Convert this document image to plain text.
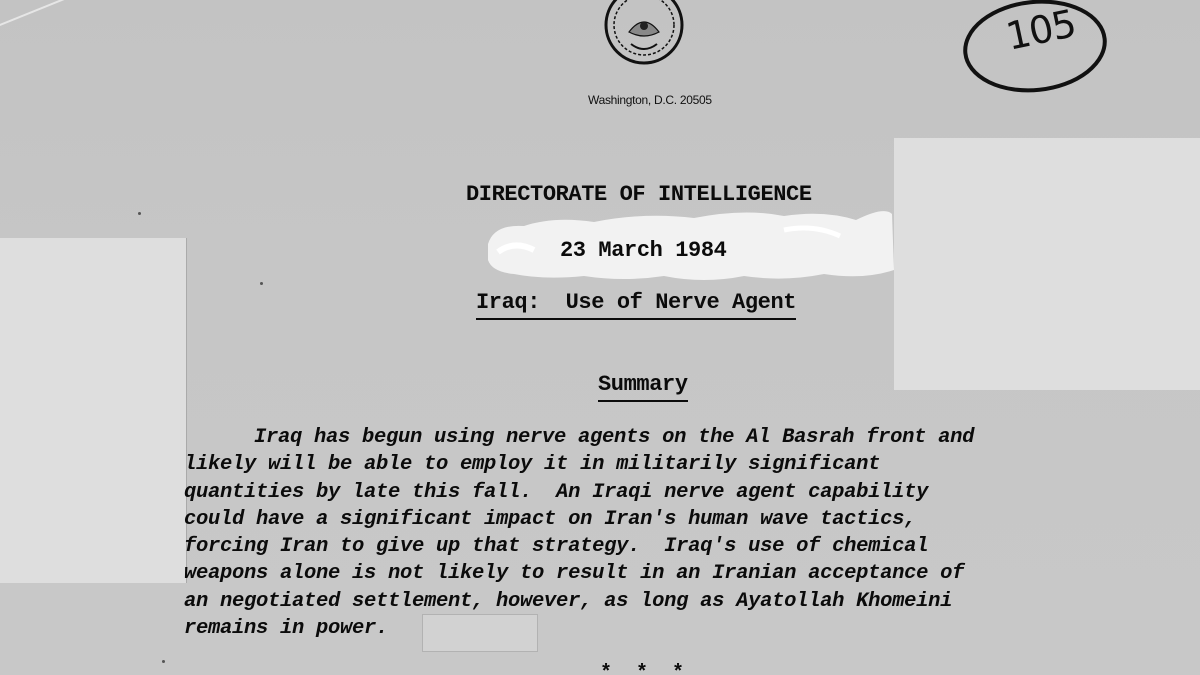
Washington, D.C. 20505
105
DIRECTORATE OF INTELLIGENCE
23 March 1984
Iraq:  Use of Nerve Agent
Summary

Iraq has begun using nerve agents on the Al Basrah front and
likely will be able to employ it in militarily significant
quantities by late this fall.  An Iraqi nerve agent capability
could have a significant impact on Iran's human wave tactics,
forcing Iran to give up that strategy.  Iraq's use of chemical
weapons alone is not likely to result in an Iranian acceptance of
an negotiated settlement, however, as long as Ayatollah Khomeini
remains in power.

* * *
